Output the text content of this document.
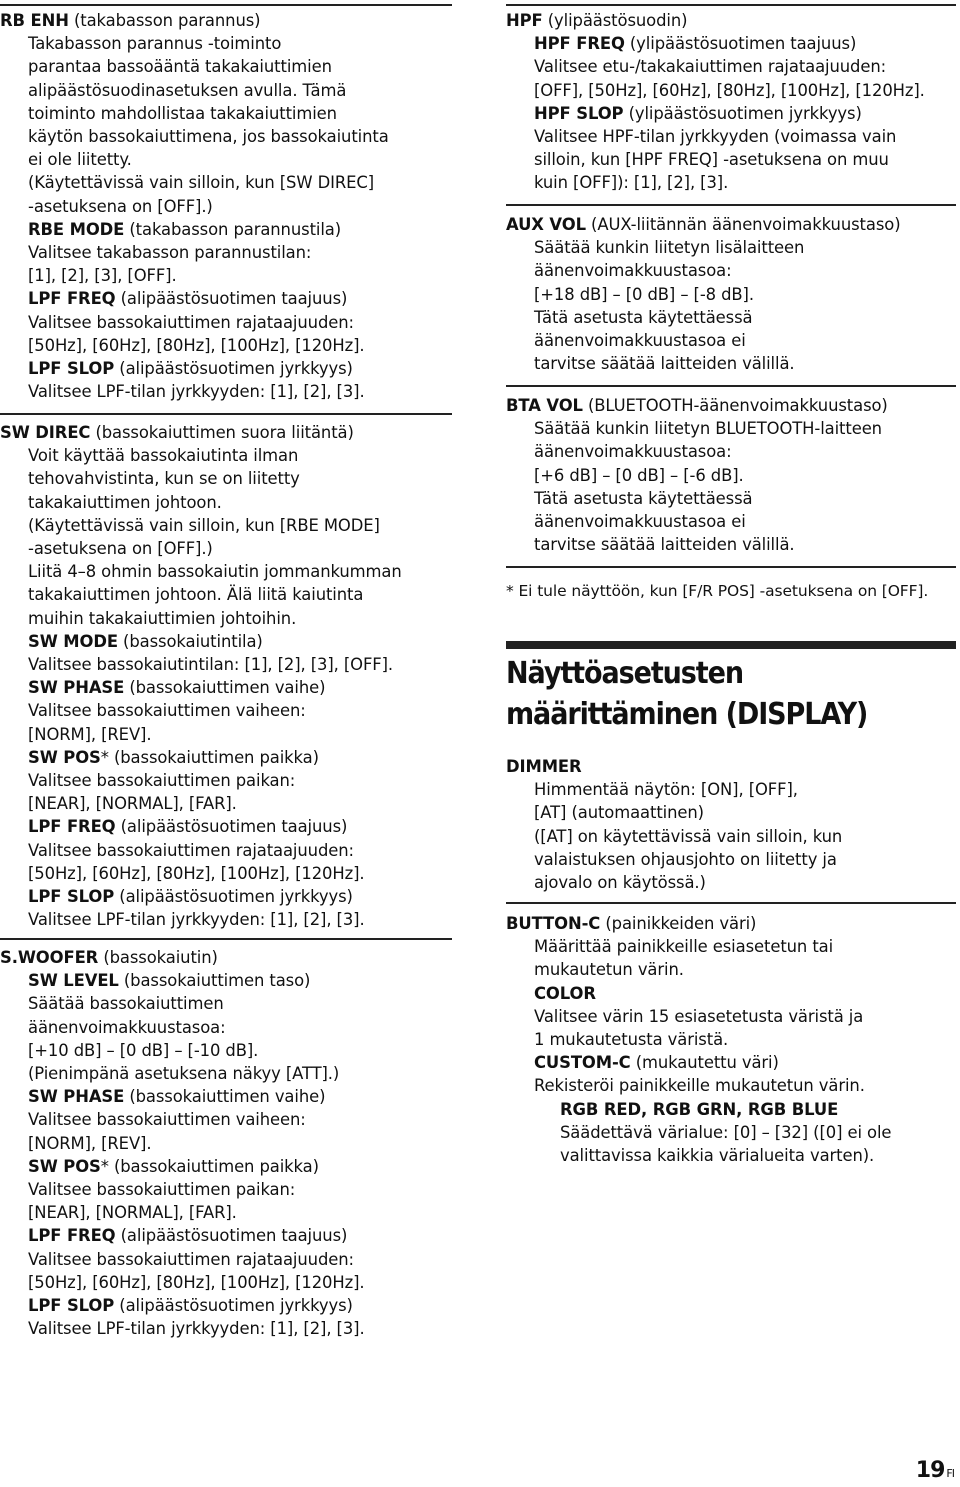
RB ENH (takabasson parannus)
Takabasson parannus -toiminto
parantaa bassoääntä takakaiuttimien
alipäästösuodinasetuksen avulla. Tämä
toiminto mahdollistaa takakaiuttimien
käytön bassokaiuttimena, jos bassokaiutinta
ei ole liitetty.
(Käytettävissä vain silloin, kun [SW DIREC]
-asetuksena on [OFF].)
RBE MODE (takabasson parannustila)
Valitsee takabasson parannustilan:
[1], [2], [3], [OFF].
LPF FREQ (alipäästösuotimen taajuus)
Valitsee bassokaiuttimen rajataajuuden:
[50Hz], [60Hz], [80Hz], [100Hz], [120Hz].
LPF SLOP (alipäästösuotimen jyrkkyys)
Valitsee LPF-tilan jyrkkyyden: [1], [2], [3].
SW DIREC (bassokaiuttimen suora liitäntä)
Voit käyttää bassokaiutinta ilman
tehovahvistinta, kun se on liitetty
takakaiuttimen johtoon.
(Käytettävissä vain silloin, kun [RBE MODE]
-asetuksena on [OFF].)
Liitä 4–8 ohmin bassokaiutin jommankumman
takakaiuttimen johtoon. Älä liitä kaiutinta
muihin takakaiuttimien johtoihin.
SW MODE (bassokaiutintila)
Valitsee bassokaiutintilan: [1], [2], [3], [OFF].
SW PHASE (bassokaiuttimen vaihe)
Valitsee bassokaiuttimen vaiheen:
[NORM], [REV].
SW POS* (bassokaiuttimen paikka)
Valitsee bassokaiuttimen paikan:
[NEAR], [NORMAL], [FAR].
LPF FREQ (alipäästösuotimen taajuus)
Valitsee bassokaiuttimen rajataajuuden:
[50Hz], [60Hz], [80Hz], [100Hz], [120Hz].
LPF SLOP (alipäästösuotimen jyrkkyys)
Valitsee LPF-tilan jyrkkyyden: [1], [2], [3].
S.WOOFER (bassokaiutin)
SW LEVEL (bassokaiuttimen taso)
Säätää bassokaiuttimen
äänenvoimakkuustasoa:
[+10 dB] – [0 dB] – [-10 dB].
(Pienimpänä asetuksena näkyy [ATT].)
SW PHASE (bassokaiuttimen vaihe)
Valitsee bassokaiuttimen vaiheen:
[NORM], [REV].
SW POS* (bassokaiuttimen paikka)
Valitsee bassokaiuttimen paikan:
[NEAR], [NORMAL], [FAR].
LPF FREQ (alipäästösuotimen taajuus)
Valitsee bassokaiuttimen rajataajuuden:
[50Hz], [60Hz], [80Hz], [100Hz], [120Hz].
LPF SLOP (alipäästösuotimen jyrkkyys)
Valitsee LPF-tilan jyrkkyyden: [1], [2], [3].
HPF (ylipäästösuodin)
HPF FREQ (ylipäästösuotimen taajuus)
Valitsee etu-/takakaiuttimen rajataajuuden:
[OFF], [50Hz], [60Hz], [80Hz], [100Hz], [120Hz].
HPF SLOP (ylipäästösuotimen jyrkkyys)
Valitsee HPF-tilan jyrkkyyden (voimassa vain
silloin, kun [HPF FREQ] -asetuksena on muu
kuin [OFF]): [1], [2], [3].
AUX VOL (AUX-liitännän äänenvoimakkuustaso)
Säätää kunkin liitetyn lisälaitteen
äänenvoimakkuustasoa:
[+18 dB] – [0 dB] – [-8 dB].
Tätä asetusta käytettäessä
äänenvoimakkuustasoa ei
tarvitse säätää laitteiden välillä.
BTA VOL (BLUETOOTH-äänenvoimakkuustaso)
Säätää kunkin liitetyn BLUETOOTH-laitteen
äänenvoimakkuustasoa:
[+6 dB] – [0 dB] – [-6 dB].
Tätä asetusta käytettäessä
äänenvoimakkuustasoa ei
tarvitse säätää laitteiden välillä.
* Ei tule näyttöön, kun [F/R POS] -asetuksena on [OFF].
Näyttöasetusten
määrittäminen (DISPLAY)
DIMMER
Himmentää näytön: [ON], [OFF],
[AT] (automaattinen)
([AT] on käytettävissä vain silloin, kun
valaistuksen ohjausjohto on liitetty ja
ajovalo on käytössä.)
BUTTON-C (painikkeiden väri)
Määrittää painikkeille esiasetetun tai
mukautetun värin.
COLOR
Valitsee värin 15 esiasetetusta väristä ja
1 mukautetusta väristä.
CUSTOM-C (mukautettu väri)
Rekisteröi painikkeille mukautetun värin.
RGB RED, RGB GRN, RGB BLUE
Säädettävä värialue: [0] – [32] ([0] ei ole
valittavissa kaikkia värialueita varten).
19 FI
